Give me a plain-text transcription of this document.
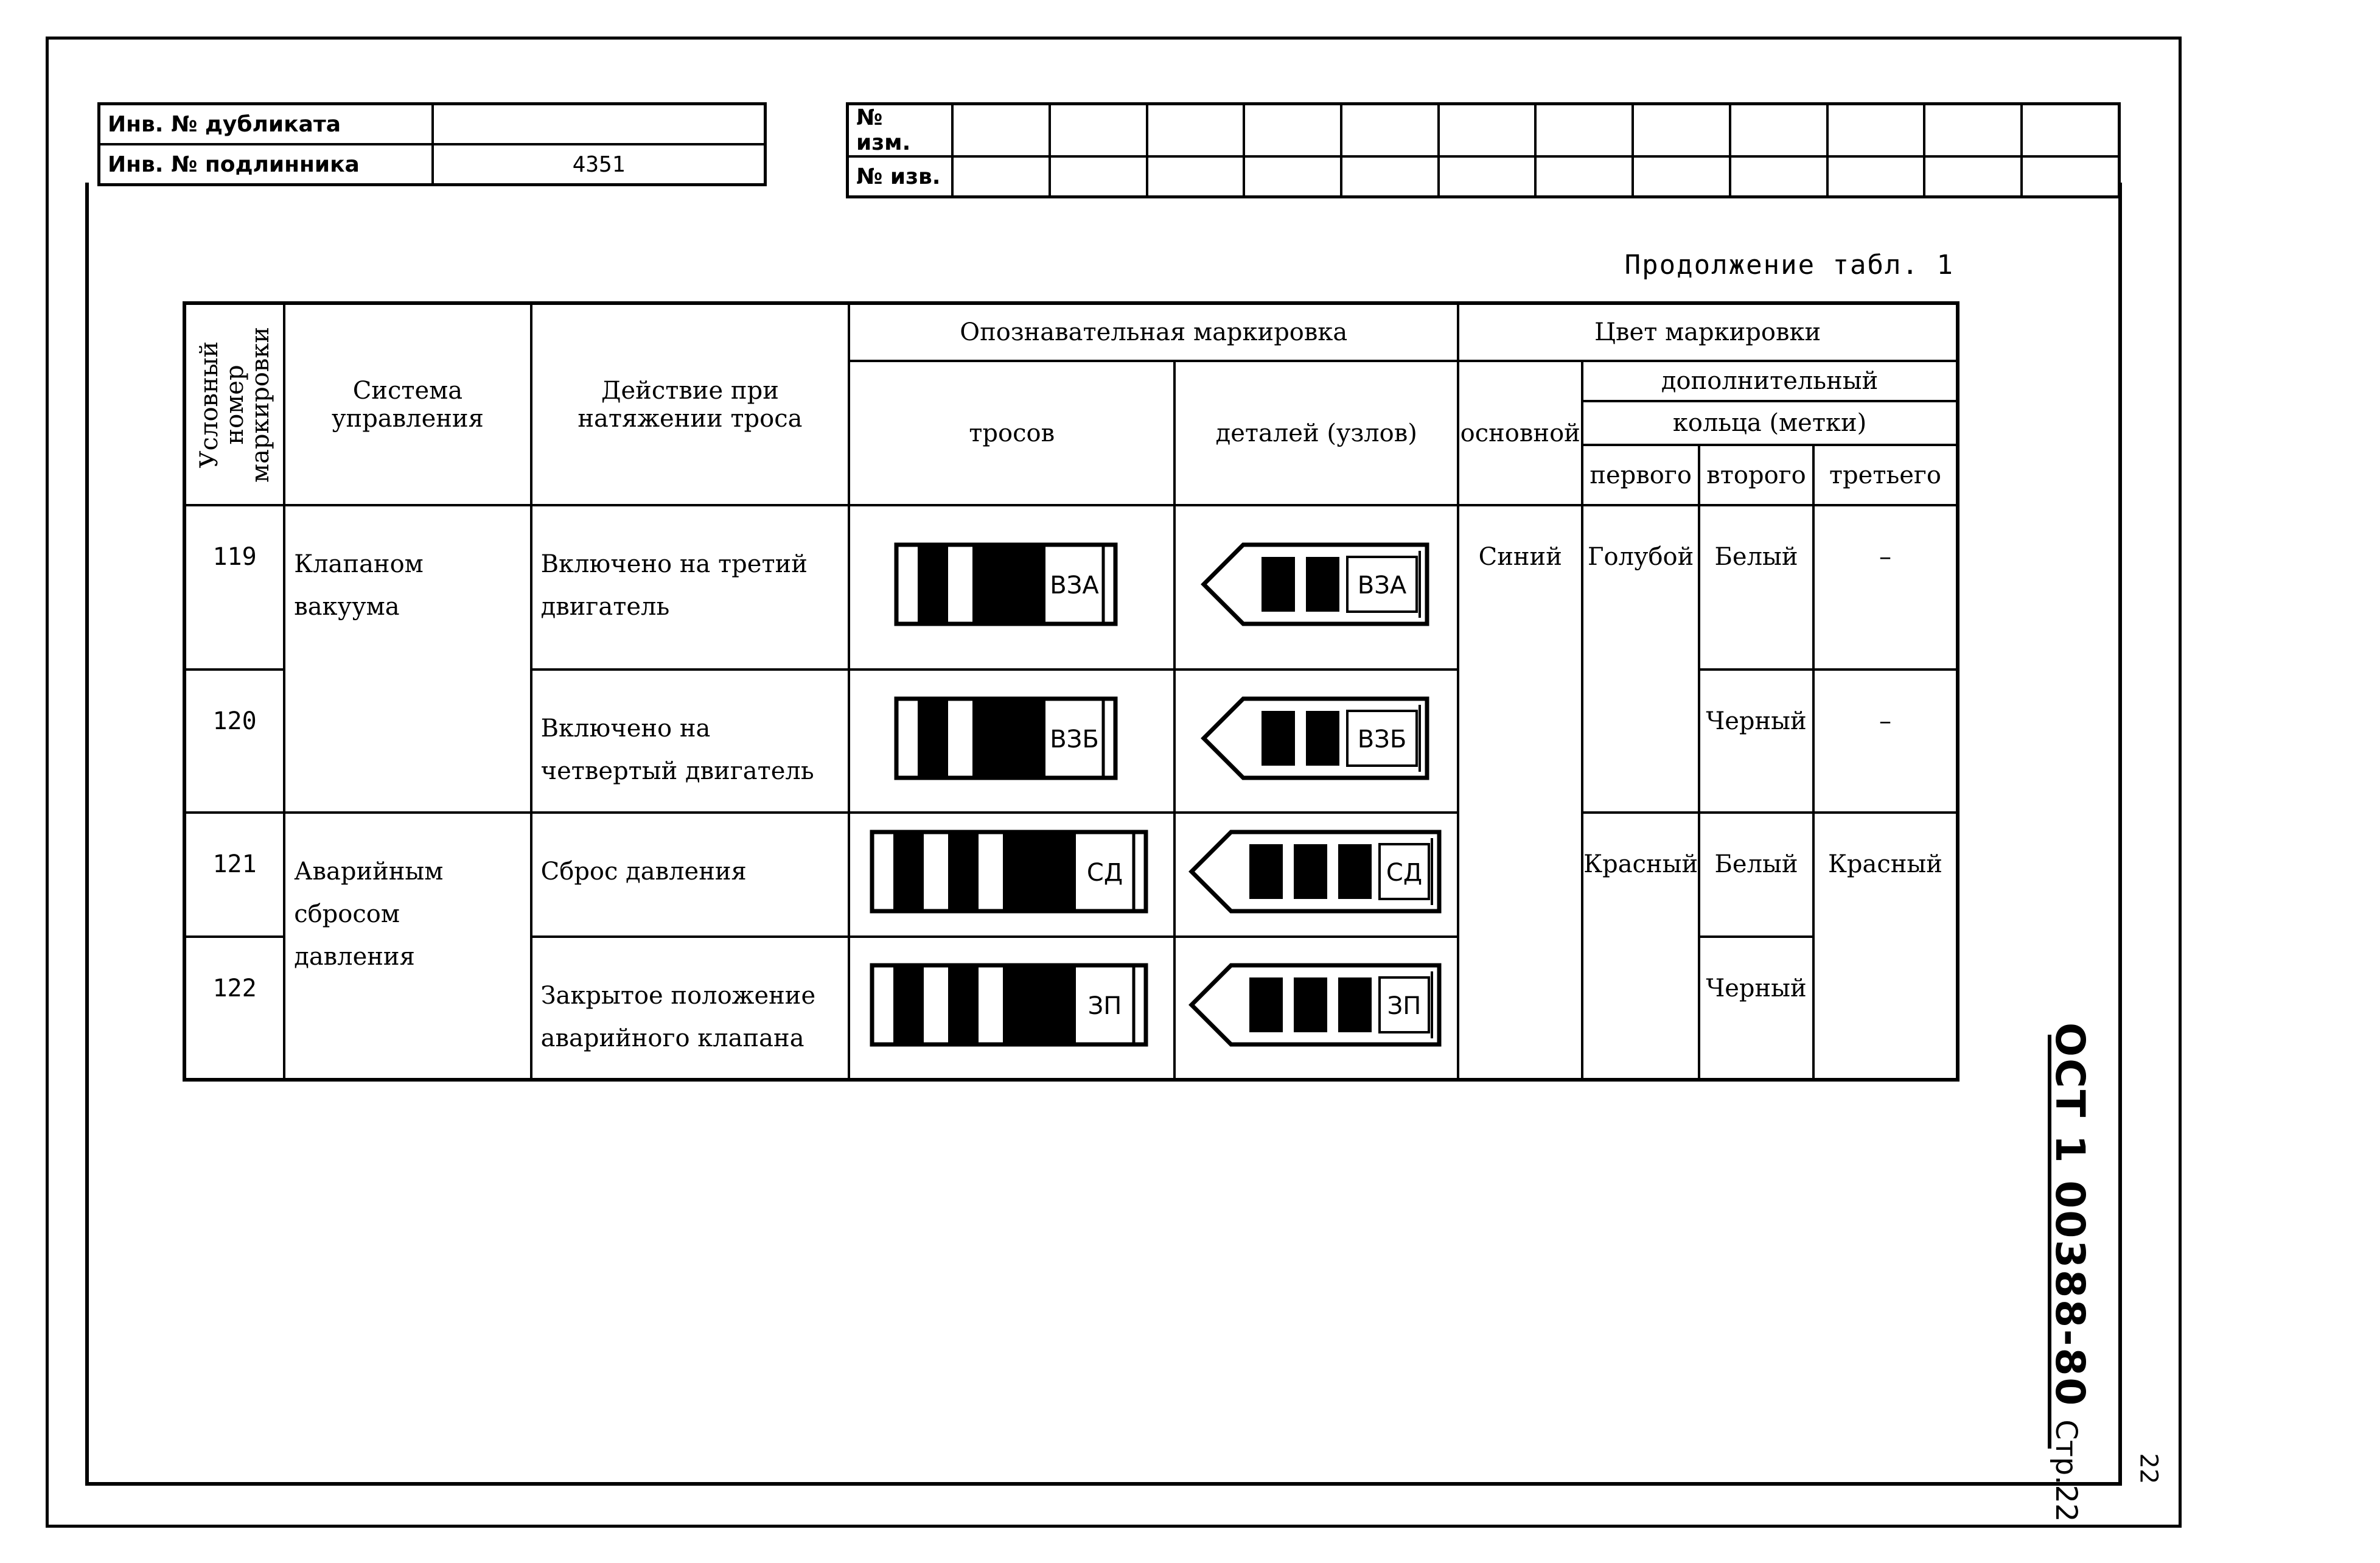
Инв. № дубликата	
Инв. № подлинника	4351
№ изм.												
№ изв.												
Продолжение табл. 1
Условный
номер
маркировки	Система управления	Действие при натяжении троса	Опознавательная маркировка		Цвет маркировки			
			тросов	деталей (узлов)	основной	дополнительный		
						кольца (метки)		
						первого	второго	третьего
119	Клапаном вакуума	Включено на третий двигатель	ВЗА	ВЗА	Синий	Голубой	Белый	–
120		Включено на четвертый двигатель	ВЗБ	ВЗБ			Черный	–
121	Аварийным сбросом давления	Сброс давления	СД	СД		Красный	Белый	Красный
122		Закрытое положение аварийного клапана	ЗП	ЗП			Черный	
ОСТ 1 00388-80Стр.22	22
